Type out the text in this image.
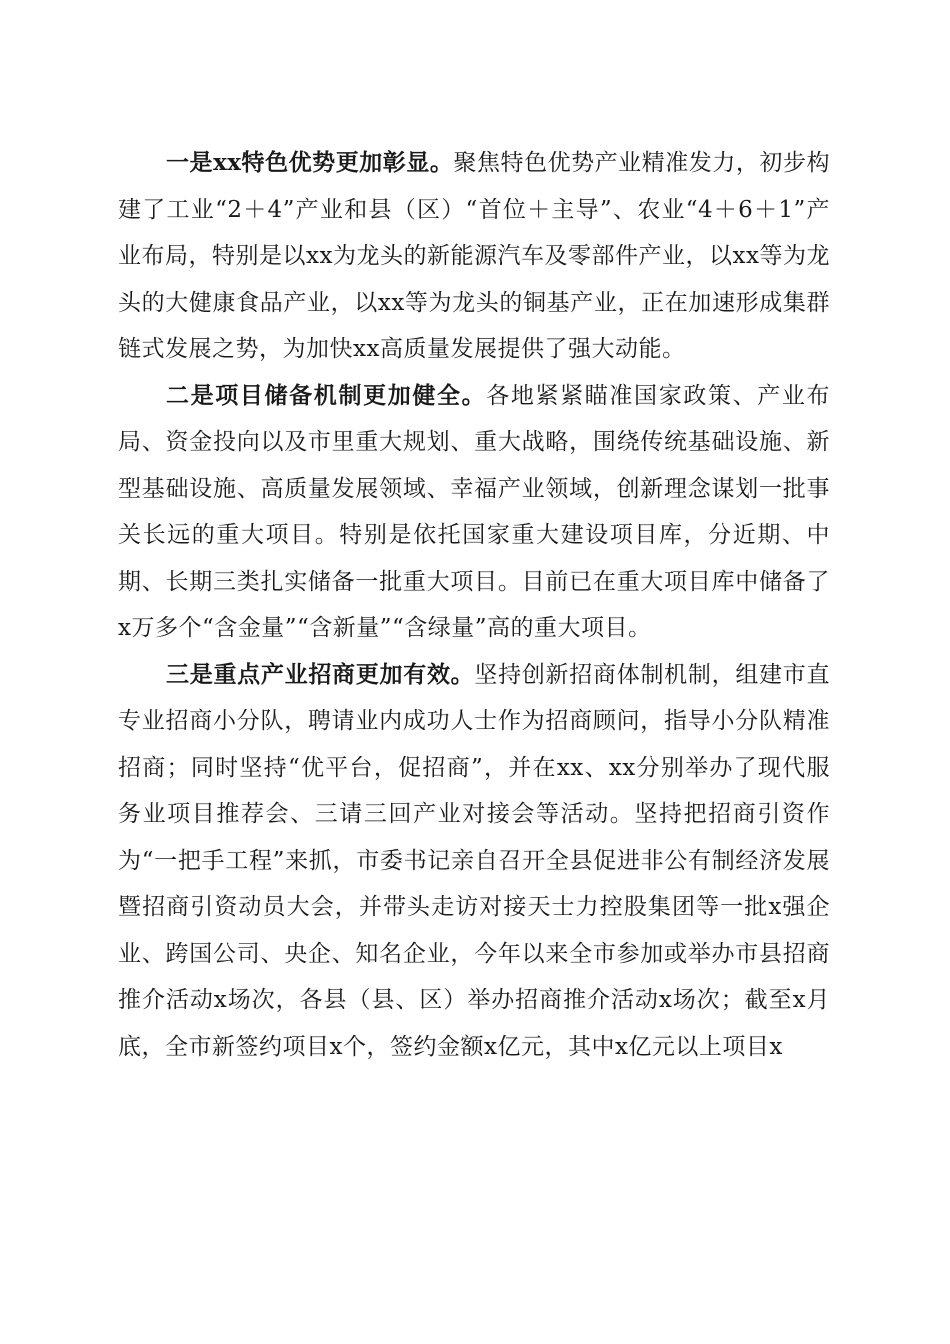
一是xx特色优势更加彰显。聚焦特色优势产业精准发力，初步构建了工业“2＋4”产业和县（区）“首位＋主导”、农业“4＋6＋1”产业布局，特别是以xx为龙头的新能源汽车及零部件产业，以xx等为龙头的大健康食品产业，以xx等为龙头的铜基产业，正在加速形成集群链式发展之势，为加快xx高质量发展提供了强大动能。

二是项目储备机制更加健全。各地紧紧瞄准国家政策、产业布局、资金投向以及市里重大规划、重大战略，围绕传统基础设施、新型基础设施、高质量发展领域、幸福产业领域，创新理念谋划一批事关长远的重大项目。特别是依托国家重大建设项目库，分近期、中期、长期三类扎实储备一批重大项目。目前已在重大项目库中储备了x万多个“含金量”“含新量”“含绿量”高的重大项目。

三是重点产业招商更加有效。坚持创新招商体制机制，组建市直专业招商小分队，聘请业内成功人士作为招商顾问，指导小分队精准招商；同时坚持“优平台，促招商”，并在xx、xx分别举办了现代服务业项目推荐会、三请三回产业对接会等活动。坚持把招商引资作为“一把手工程”来抓，市委书记亲自召开全县促进非公有制经济发展暨招商引资动员大会，并带头走访对接天士力控股集团等一批x强企业、跨国公司、央企、知名企业，今年以来全市参加或举办市县招商推介活动x场次，各县（县、区）举办招商推介活动x场次；截至x月底，全市新签约项目x个，签约金额x亿元，其中x亿元以上项目x
